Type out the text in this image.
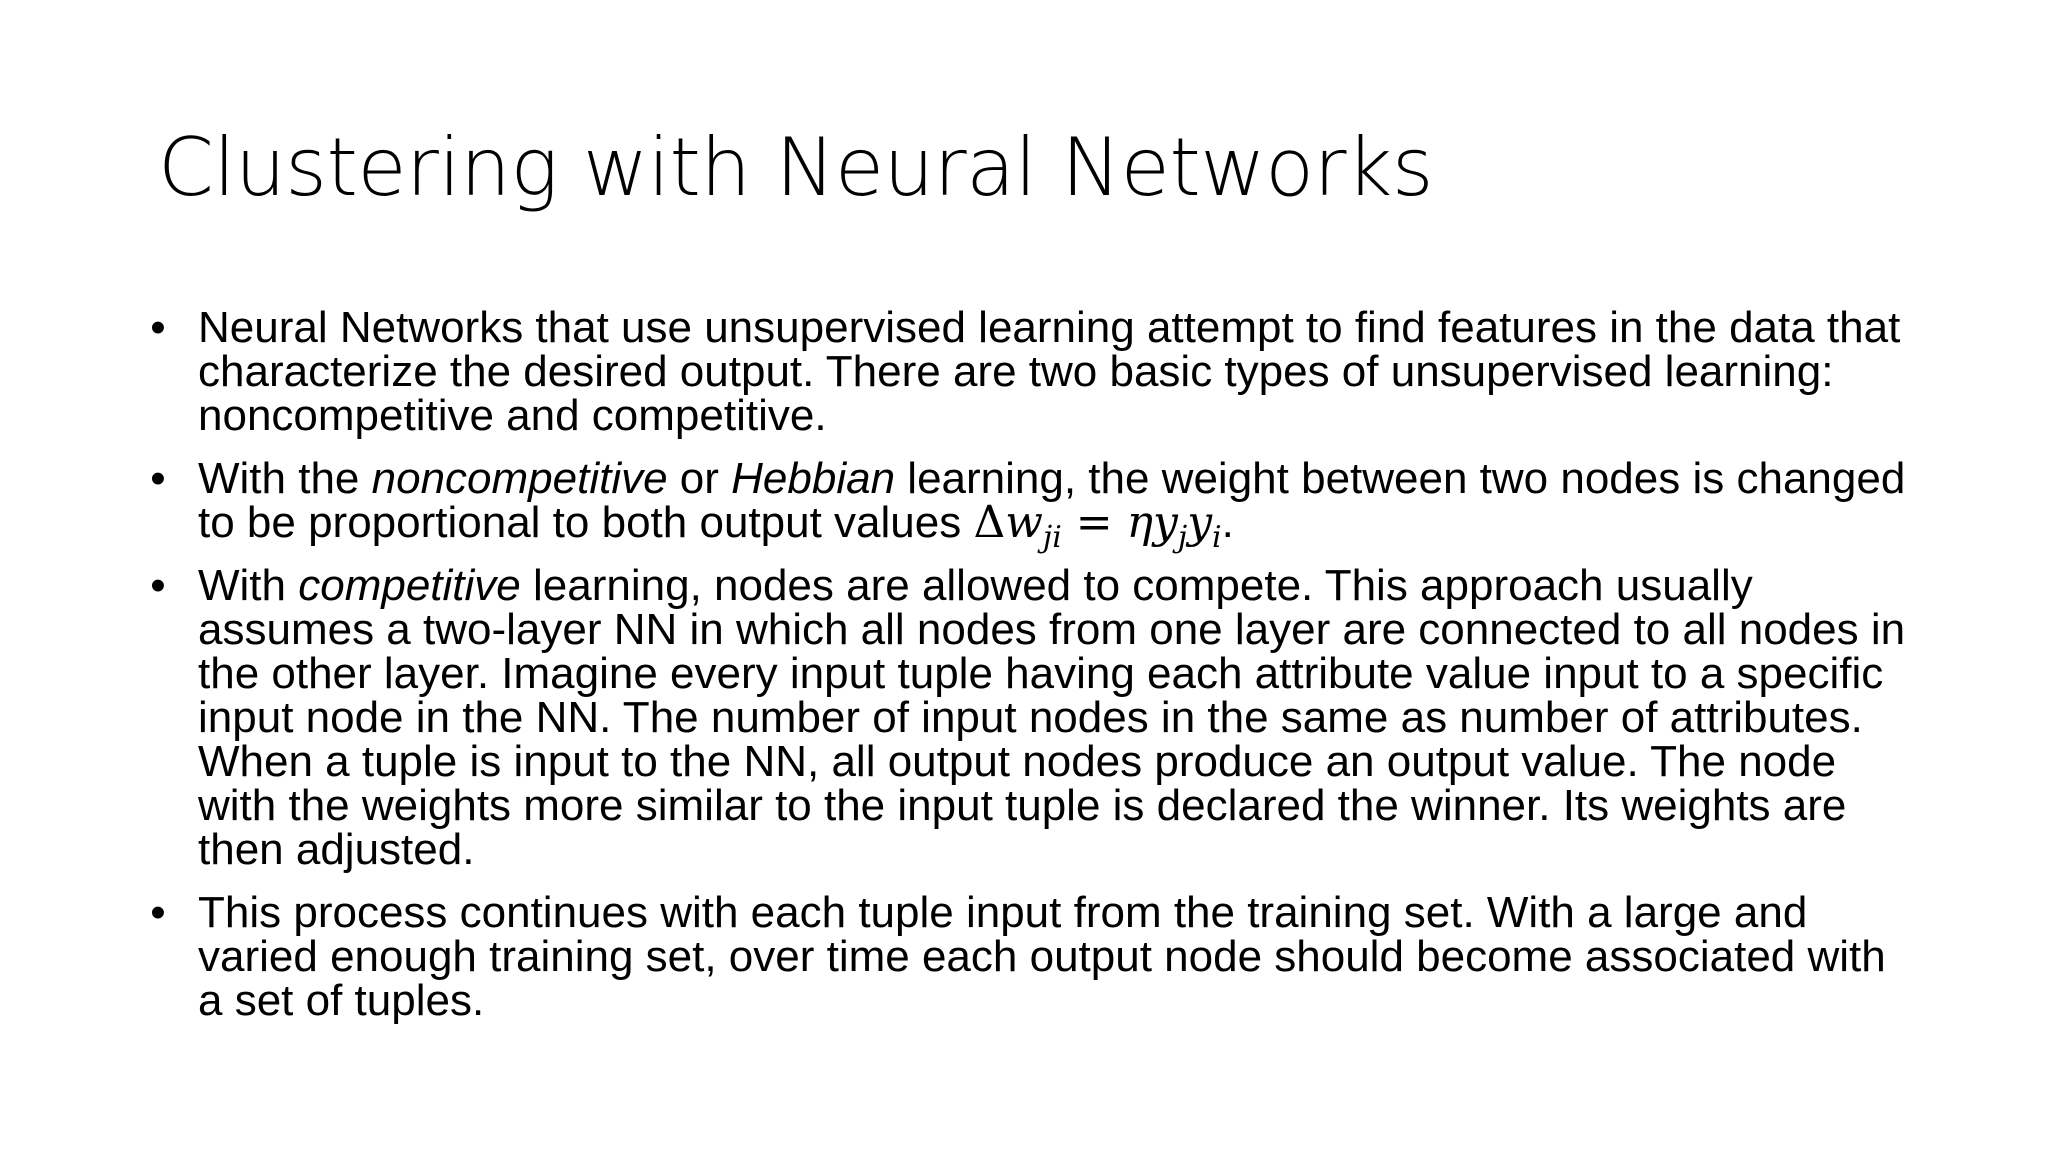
Clustering with Neural Networks
• Neural Networks that use unsupervised learning attempt to find features in the data that characterize the desired output. There are two basic types of unsupervised learning: noncompetitive and competitive.
• With the noncompetitive or Hebbian learning, the weight between two nodes is changed to be proportional to both output values $\Delta w_{ji} = \eta y_jy_i$.
• With competitive learning, nodes are allowed to compete. This approach usually assumes a two-layer NN in which all nodes from one layer are connected to all nodes in the other layer. Imagine every input tuple having each attribute value input to a specific input node in the NN. The number of input nodes in the same as number of attributes. When a tuple is input to the NN, all output nodes produce an output value. The node with the weights more similar to the input tuple is declared the winner. Its weights are then adjusted.
• This process continues with each tuple input from the training set. With a large and varied enough training set, over time each output node should become associated with a set of tuples.
